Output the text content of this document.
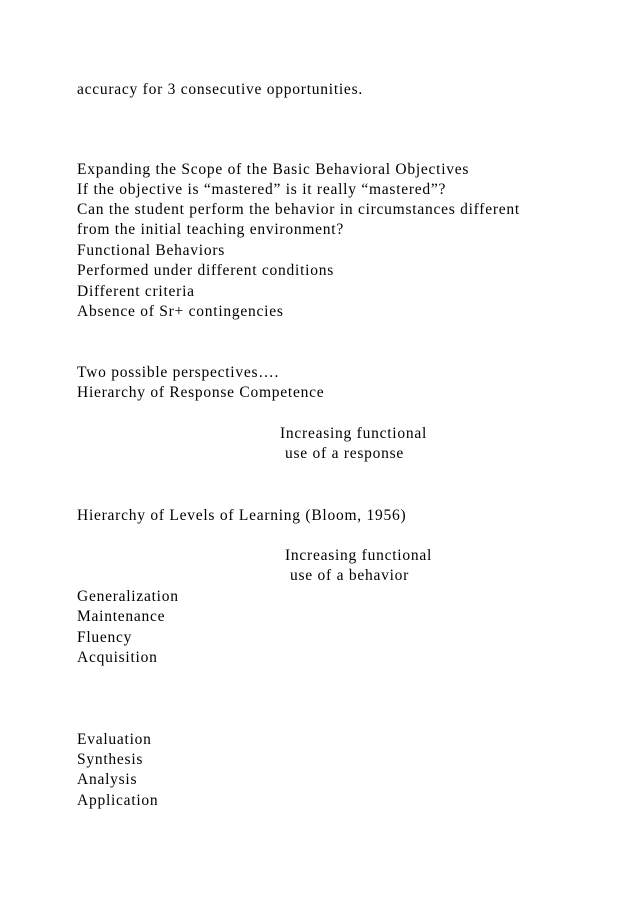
accuracy for 3 consecutive opportunities.
Expanding the Scope of the Basic Behavioral Objectives
If the objective is “mastered” is it really “mastered”?
Can the student perform the behavior in circumstances different
from the initial teaching environment?
Functional Behaviors
Performed under different conditions
Different criteria
Absence of Sr+ contingencies
Two possible perspectives….
Hierarchy of Response Competence
Increasing functional
use of a response
Hierarchy of Levels of Learning (Bloom, 1956)
Increasing functional
use of a behavior
Generalization
Maintenance
Fluency
Acquisition
Evaluation
Synthesis
Analysis
Application
